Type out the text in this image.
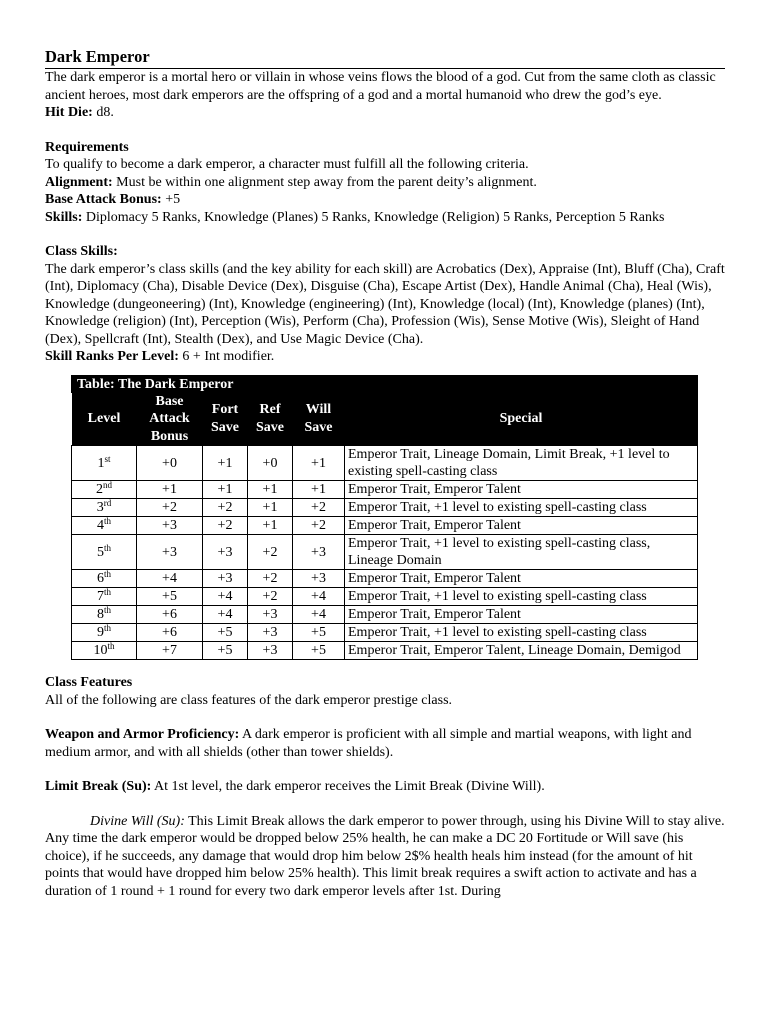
Dark Emperor

The dark emperor is a mortal hero or villain in whose veins flows the blood of a god. Cut from the same cloth as classic ancient heroes, most dark emperors are the offspring of a god and a mortal humanoid who drew the god’s eye.

Hit Die: d8.

Requirements

To qualify to become a dark emperor, a character must fulfill all the following criteria.

Alignment: Must be within one alignment step away from the parent deity’s alignment.

Base Attack Bonus: +5

Skills: Diplomacy 5 Ranks, Knowledge (Planes) 5 Ranks, Knowledge (Religion) 5 Ranks, Perception 5 Ranks

Class Skills:

The dark emperor’s class skills (and the key ability for each skill) are Acrobatics (Dex), Appraise (Int), Bluff (Cha), Craft (Int), Diplomacy (Cha), Disable Device (Dex), Disguise (Cha), Escape Artist (Dex), Handle Animal (Cha), Heal (Wis), Knowledge (dungeoneering) (Int), Knowledge (engineering) (Int), Knowledge (local) (Int), Knowledge (planes) (Int), Knowledge (religion) (Int), Perception (Wis), Perform (Cha), Profession (Wis), Sense Motive (Wis), Sleight of Hand (Dex), Spellcraft (Int), Stealth (Dex), and Use Magic Device (Cha).

Skill Ranks Per Level: 6 + Int modifier.

Table: The Dark Emperor					
Level	Base
Attack
Bonus	Fort
Save	Ref
Save	Will
Save	Special
1st	+0	+1	+0	+1	Emperor Trait, Lineage Domain, Limit Break, +1 level to existing spell-casting class
2nd	+1	+1	+1	+1	Emperor Trait, Emperor Talent
3rd	+2	+2	+1	+2	Emperor Trait, +1 level to existing spell-casting class
4th	+3	+2	+1	+2	Emperor Trait, Emperor Talent
5th	+3	+3	+2	+3	Emperor Trait, +1 level to existing spell-casting class, Lineage Domain
6th	+4	+3	+2	+3	Emperor Trait, Emperor Talent
7th	+5	+4	+2	+4	Emperor Trait, +1 level to existing spell-casting class
8th	+6	+4	+3	+4	Emperor Trait, Emperor Talent
9th	+6	+5	+3	+5	Emperor Trait, +1 level to existing spell-casting class
10th	+7	+5	+3	+5	Emperor Trait, Emperor Talent, Lineage Domain, Demigod

Class Features

All of the following are class features of the dark emperor prestige class.

Weapon and Armor Proficiency: A dark emperor is proficient with all simple and martial weapons, with light and medium armor, and with all shields (other than tower shields).

Limit Break (Su): At 1st level, the dark emperor receives the Limit Break (Divine Will).

Divine Will (Su): This Limit Break allows the dark emperor to power through, using his Divine Will to stay alive. Any time the dark emperor would be dropped below 25% health, he can make a DC 20 Fortitude or Will save (his choice), if he succeeds, any damage that would drop him below 2$% health heals him instead (for the amount of hit points that would have dropped him below 25% health). This limit break requires a swift action to activate and has a duration of 1 round + 1 round for every two dark emperor levels after 1st. During
